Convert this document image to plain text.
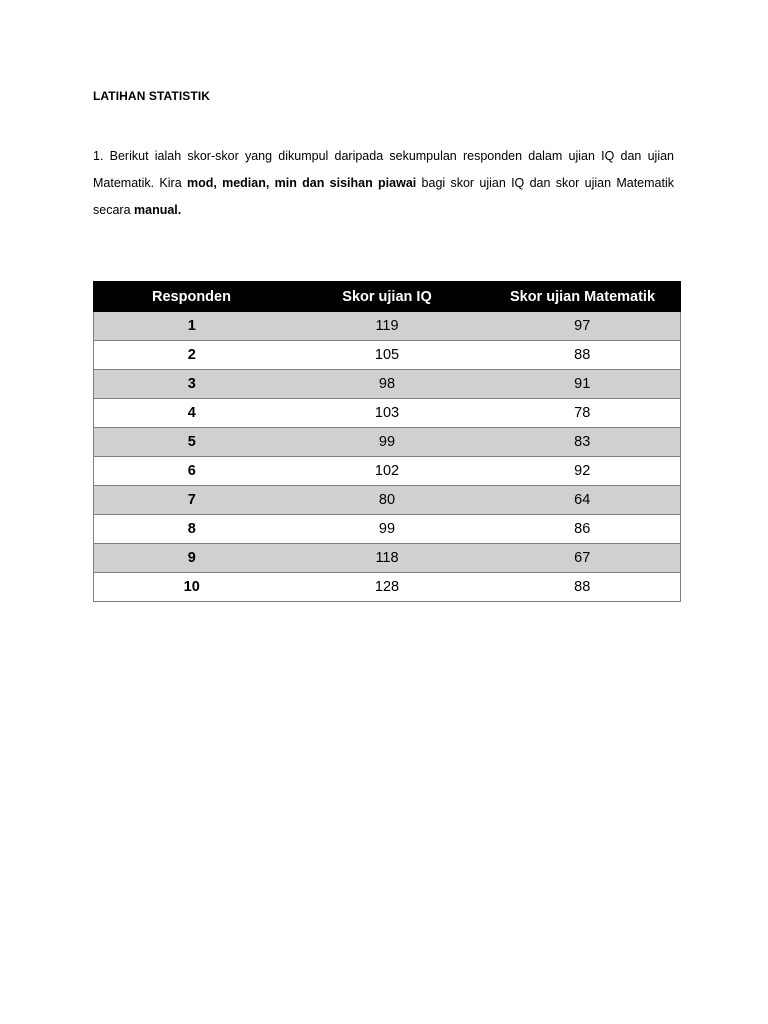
LATIHAN STATISTIK

1. Berikut ialah skor-skor yang dikumpul daripada sekumpulan responden dalam ujian IQ dan ujian Matematik. Kira mod, median, min dan sisihan piawai bagi skor ujian IQ dan skor ujian Matematik secara manual.

Responden	Skor ujian IQ	Skor ujian Matematik
1	119	97
2	105	88
3	98	91
4	103	78
5	99	83
6	102	92
7	80	64
8	99	86
9	118	67
10	128	88
